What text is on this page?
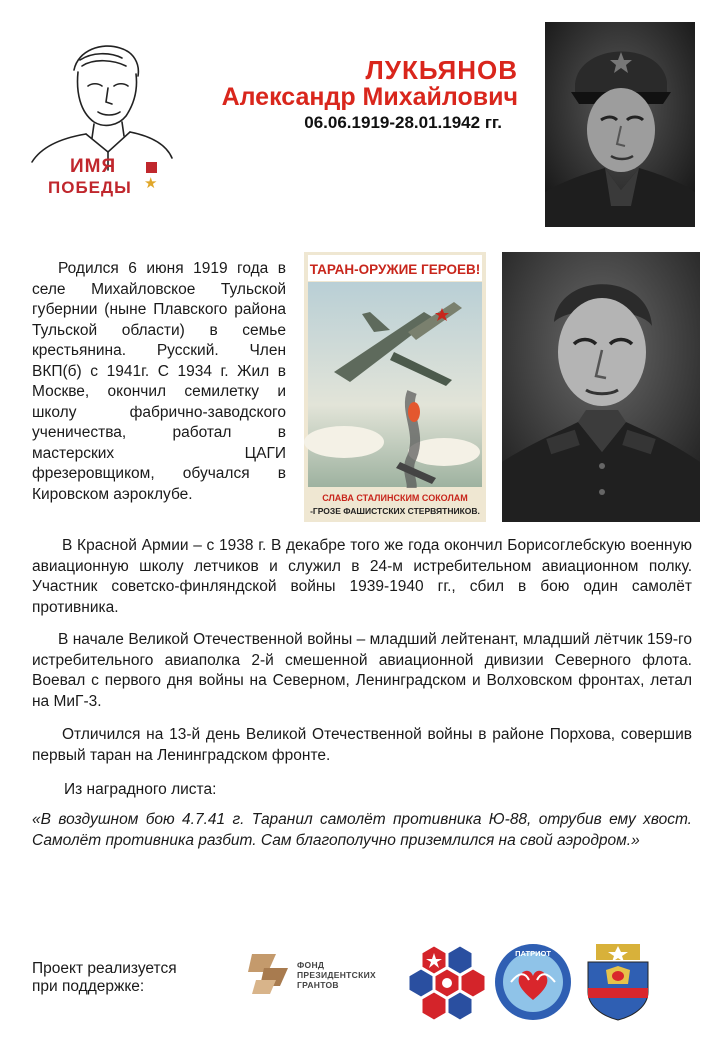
ИМЯ
ПОБЕДЫ ★
ЛУКЬЯНОВ
Александр Михайлович
06.06.1919-28.01.1942 гг.
ТАРАН-ОРУЖИЕ ГЕРОЕВ!
СЛАВА СТАЛИНСКИМ СОКОЛАМ
-ГРОЗЕ ФАШИСТСКИХ СТЕРВЯТНИКОВ.
Родился 6 июня 1919 года в селе Михайловское Тульской губернии (ныне Плавского района Тульской области) в семье крестьянина. Русский. Член ВКП(б) с 1941г. С 1934 г. Жил в Москве, окончил семилетку и школу фабрично-заводского ученичества, работал в мастерских ЦАГИ фрезеровщиком, обучался в Кировском аэроклубе.
В Красной Армии – с 1938 г. В декабре того же года окончил Борисоглебскую военную авиационную школу летчиков и служил в 24-м истребительном авиационном полку. Участник советско-финляндской войны 1939-1940 гг., сбил в бою один самолёт противника.
В начале Великой Отечественной войны – младший лейтенант, младший лётчик 159-го истребительного авиаполка 2-й смешенной авиационной дивизии Северного флота. Воевал с первого дня войны на Северном, Ленинградском и Волховском фронтах, летал на МиГ-3.
Отличился на 13-й день Великой Отечественной войны в районе Порхова, совершив первый таран на Ленинградском фронте.
Из наградного листа:
«В воздушном бою 4.7.41 г. Таранил самолёт противника Ю-88, отрубив ему хвост. Самолёт противника разбит. Сам благополучно приземлился на свой аэродром.»
Проект реализуется
при поддержке:
ФОНД
ПРЕЗИДЕНТСКИХ
ГРАНТОВ
ПАТРИОТ
